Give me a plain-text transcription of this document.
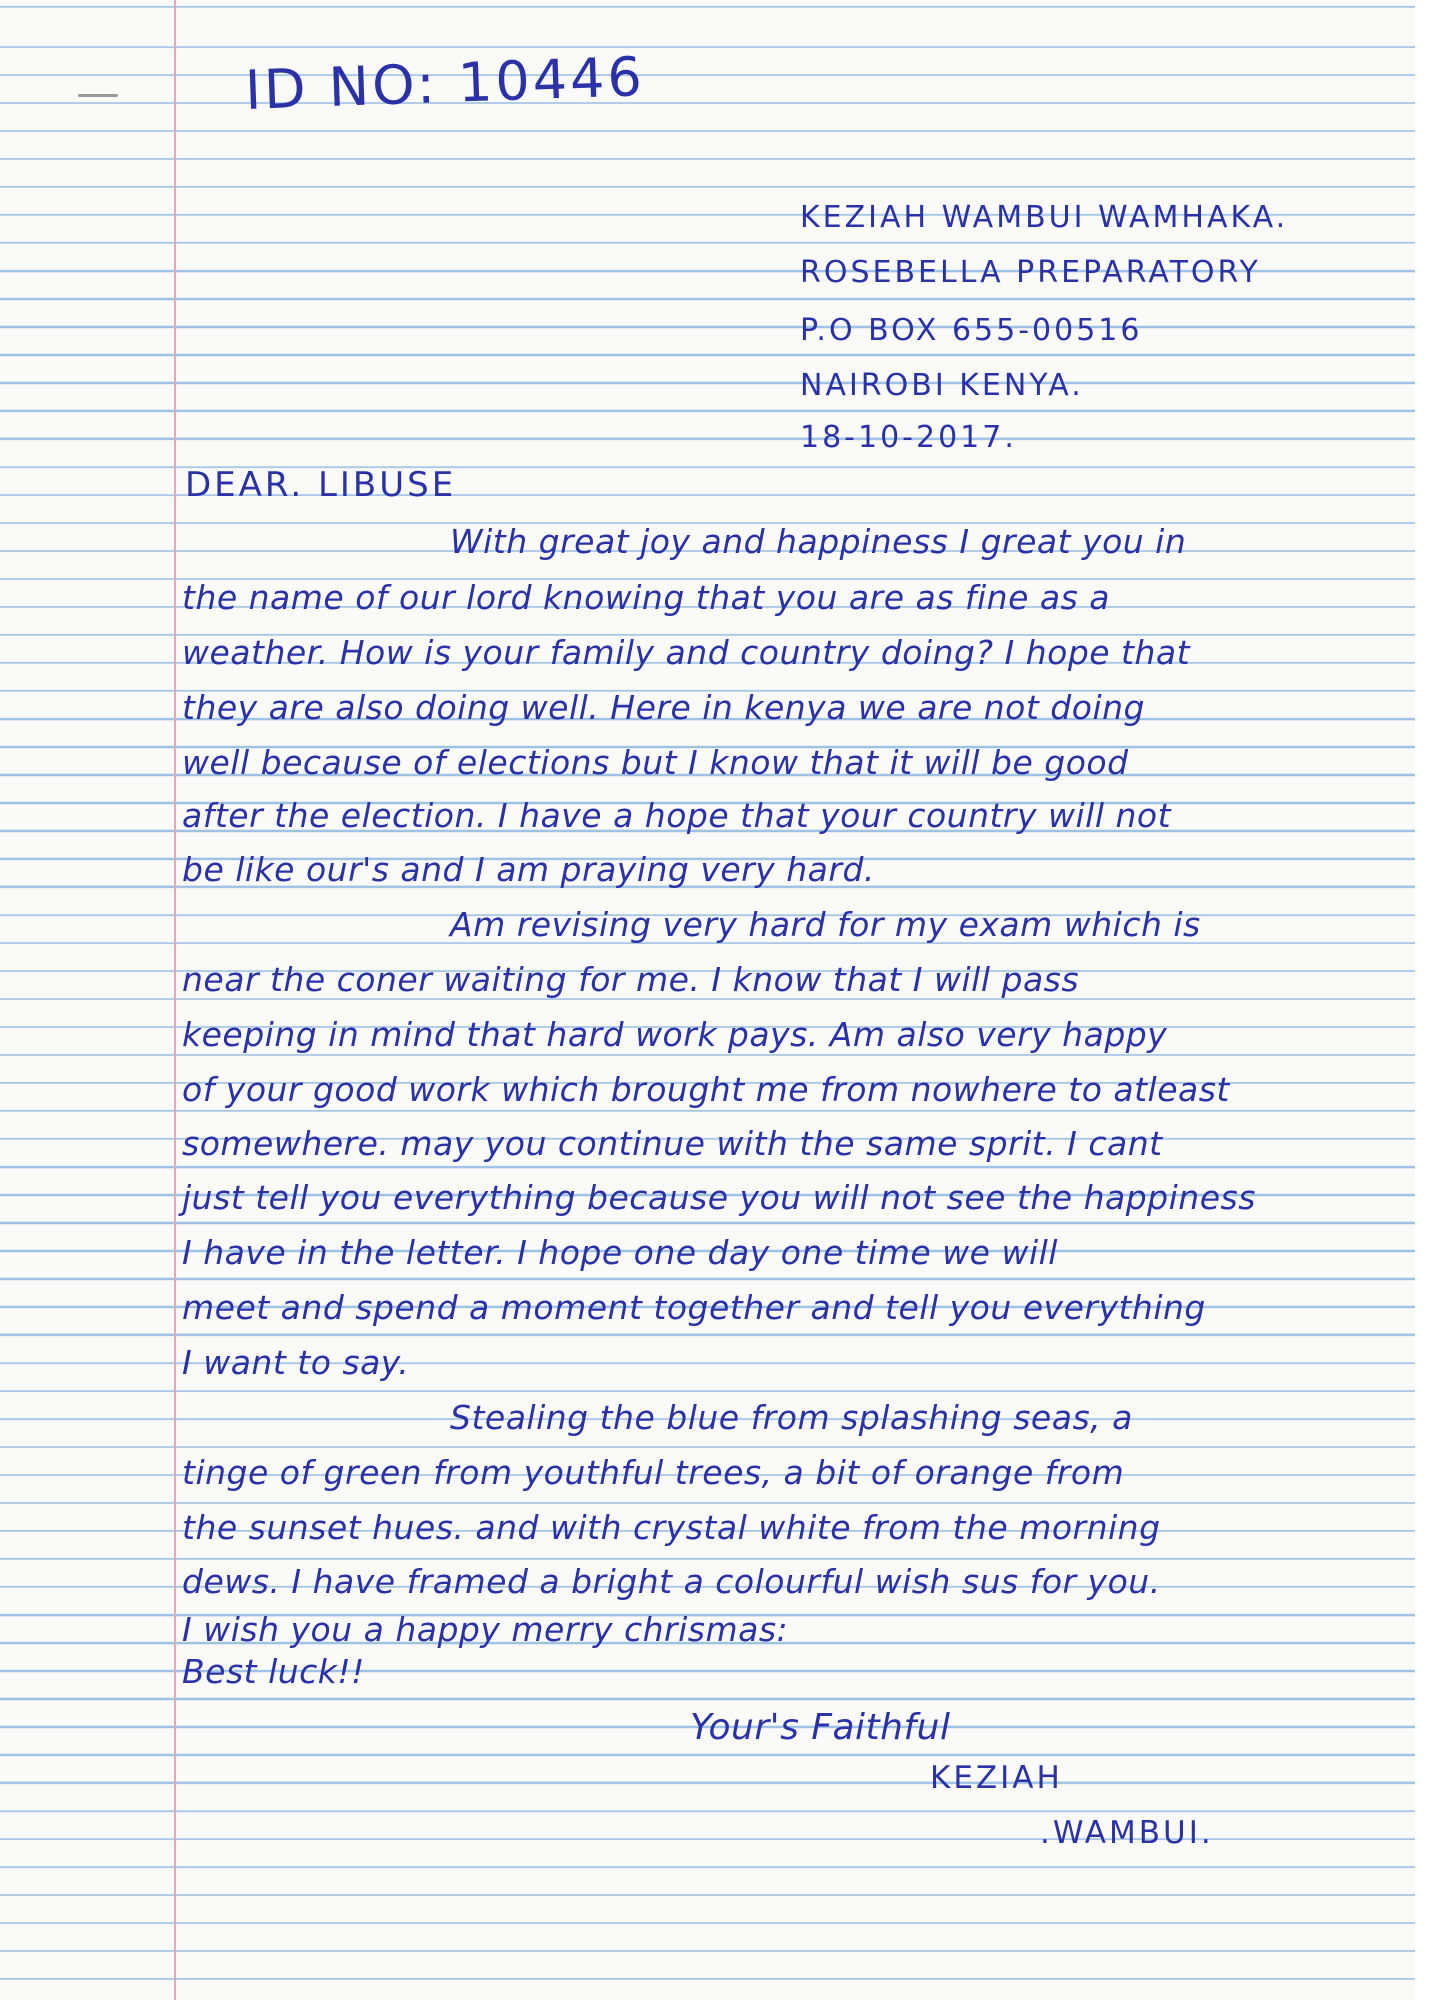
ID NO: 10446
KEZIAH WAMBUI WAMHAKA.
ROSEBELLA PREPARATORY
P.O BOX 655-00516
NAIROBI KENYA.
18-10-2017.
DEAR. LIBUSE
With great joy and happiness I great you in
the name of our lord knowing that you are as fine as a
weather. How is your family and country doing? I hope that
they are also doing well. Here in kenya we are not doing
well because of elections but I know that it will be good
after the election. I have a hope that your country will not
be like our's and I am praying very hard.
Am revising very hard for my exam which is
near the coner waiting for me. I know that I will pass
keeping in mind that hard work pays. Am also very happy
of your good work which brought me from nowhere to atleast
somewhere. may you continue with the same sprit. I cant
just tell you everything because you will not see the happiness
I have in the letter. I hope one day one time we will
meet and spend a moment together and tell you everything
I want to say.
Stealing the blue from splashing seas, a
tinge of green from youthful trees, a bit of orange from
the sunset hues. and with crystal white from the morning
dews. I have framed a bright a colourful wish sus for you.
I wish you a happy merry chrismas:
Best luck!!
Your's Faithful
KEZIAH
.WAMBUI.
